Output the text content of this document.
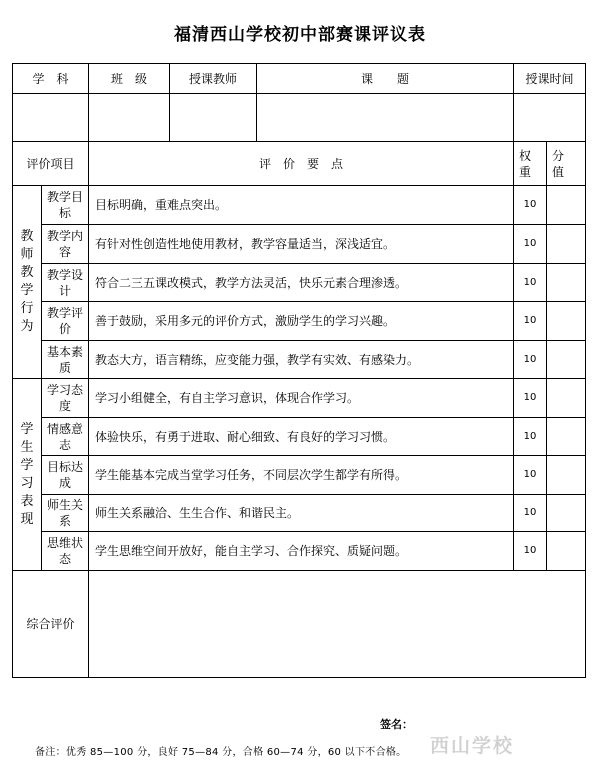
福清西山学校初中部赛课评议表
学　科		班　级	授课教师	课　　题	授课时间	

评价项目		评　价　要　点			权重	分值
教师教学行为	教学目标	目标明确，重难点突出。			10	
	教学内容	有针对性创造性地使用教材，教学容量适当，深浅适宜。			10	
	教学设计	符合二三五课改模式，教学方法灵活，快乐元素合理渗透。			10	
	教学评价	善于鼓励，采用多元的评价方式，激励学生的学习兴趣。			10	
	基本素质	教态大方，语言精练，应变能力强，教学有实效、有感染力。			10	
学生学习表现	学习态度	学习小组健全，有自主学习意识，体现合作学习。			10	
	情感意志	体验快乐，有勇于进取、耐心细致、有良好的学习习惯。			10	
	目标达成	学生能基本完成当堂学习任务，不同层次学生都学有所得。			10	
	师生关系	师生关系融洽、生生合作、和谐民主。			10	
	思维状态	学生思维空间开放好，能自主学习、合作探究、质疑问题。			10	
综合评价						
签名：
备注：优秀 85—100 分，良好 75—84 分，合格 60—74 分，60 以下不合格。 西山学校
